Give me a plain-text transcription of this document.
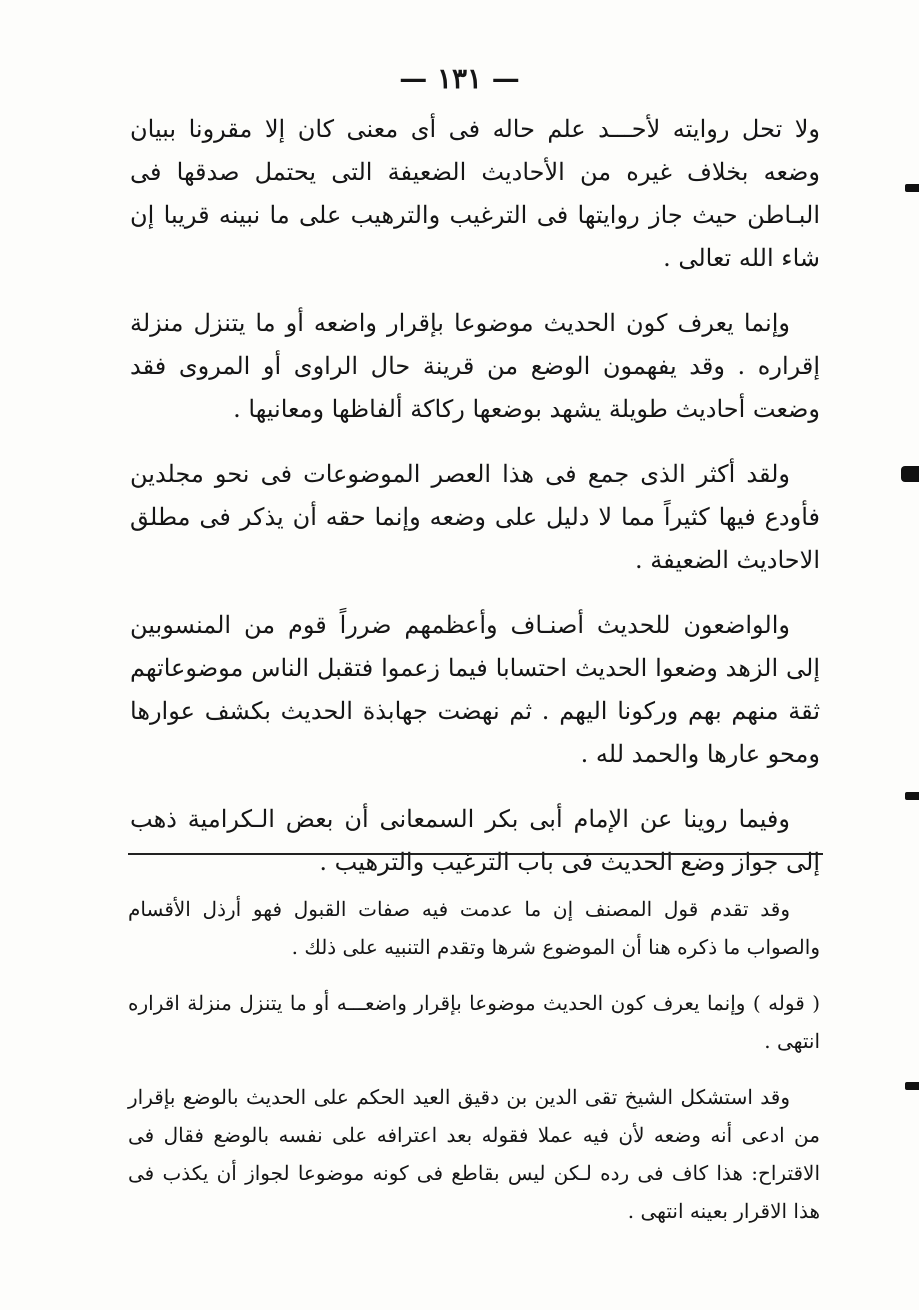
— ١٣١ —

ولا تحل روايته لأحـــد علم حاله فى أى معنى كان إلا مقرونا ببيان وضعه بخلاف غيره من الأحاديث الضعيفة التى يحتمل صدقها فى البـاطن حيث جاز روايتها فى الترغيب والترهيب على ما نبينه قريبا إن شاء الله تعالى .

وإنما يعرف كون الحديث موضوعا بإقرار واضعه أو ما يتنزل منزلة إقراره . وقد يفهمون الوضع من قرينة حال الراوى أو المروى فقد وضعت أحاديث طويلة يشهد بوضعها ركاكة ألفاظها ومعانيها .

ولقد أكثر الذى جمع فى هذا العصر الموضوعات فى نحو مجلدين فأودع فيها كثيراً مما لا دليل على وضعه وإنما حقه أن يذكر فى مطلق الاحاديث الضعيفة .

والواضعون للحديث أصنـاف وأعظمهم ضرراً قوم من المنسوبين إلى الزهد وضعوا الحديث احتسابا فيما زعموا فتقبل الناس موضوعاتهم ثقة منهم بهم وركونا اليهم . ثم نهضت جهابذة الحديث بكشف عوارها ومحو عارها والحمد لله .

وفيما روينا عن الإمام أبى بكر السمعانى أن بعض الـكرامية ذهب إلى جواز وضع الحديث فى باب الترغيب والترهيب .

وقد تقدم قول المصنف إن ما عدمت فيه صفات القبول فهو أرذل الأقسام والصواب ما ذكره هنا أن الموضوع شرها وتقدم التنبيه على ذلك .

( قوله ) وإنما يعرف كون الحديث موضوعا بإقرار واضعـــه أو ما يتنزل منزلة اقراره انتهى .

وقد استشكل الشيخ تقى الدين بن دقيق العيد الحكم على الحديث بالوضع بإقرار من ادعى أنه وضعه لأن فيه عملا فقوله بعد اعترافه على نفسه بالوضع فقال فى الاقتراح: هذا كاف فى رده لـكن ليس بقاطع فى كونه موضوعا لجواز أن يكذب فى هذا الاقرار بعينه انتهى .
